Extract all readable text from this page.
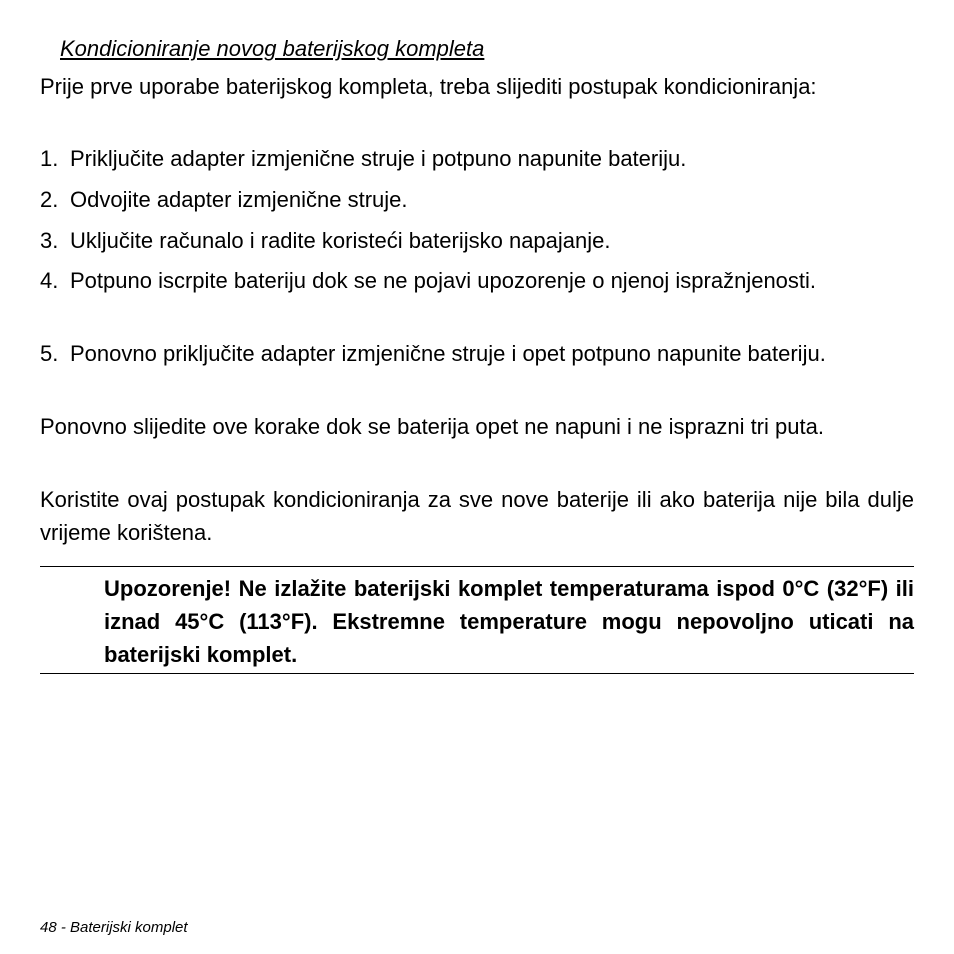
Kondicioniranje novog baterijskog kompleta
Prije prve uporabe baterijskog kompleta, treba slijediti postupak kondicioniranja:
1. Priključite adapter izmjenične struje i potpuno napunite bateriju.
2. Odvojite adapter izmjenične struje.
3. Uključite računalo i radite koristeći baterijsko napajanje.
4. Potpuno iscrpite bateriju dok se ne pojavi upozorenje o njenoj ispražnjenosti.
5. Ponovno priključite adapter izmjenične struje i opet potpuno napunite bateriju.
Ponovno slijedite ove korake dok se baterija opet ne napuni i ne isprazni tri puta.
Koristite ovaj postupak kondicioniranja za sve nove baterije ili ako baterija nije bila dulje vrijeme korištena.
Upozorenje! Ne izlažite baterijski komplet temperaturama ispod 0°C (32°F) ili iznad 45°C (113°F). Ekstremne temperature mogu nepovoljno uticati na baterijski komplet.
48 - Baterijski komplet
